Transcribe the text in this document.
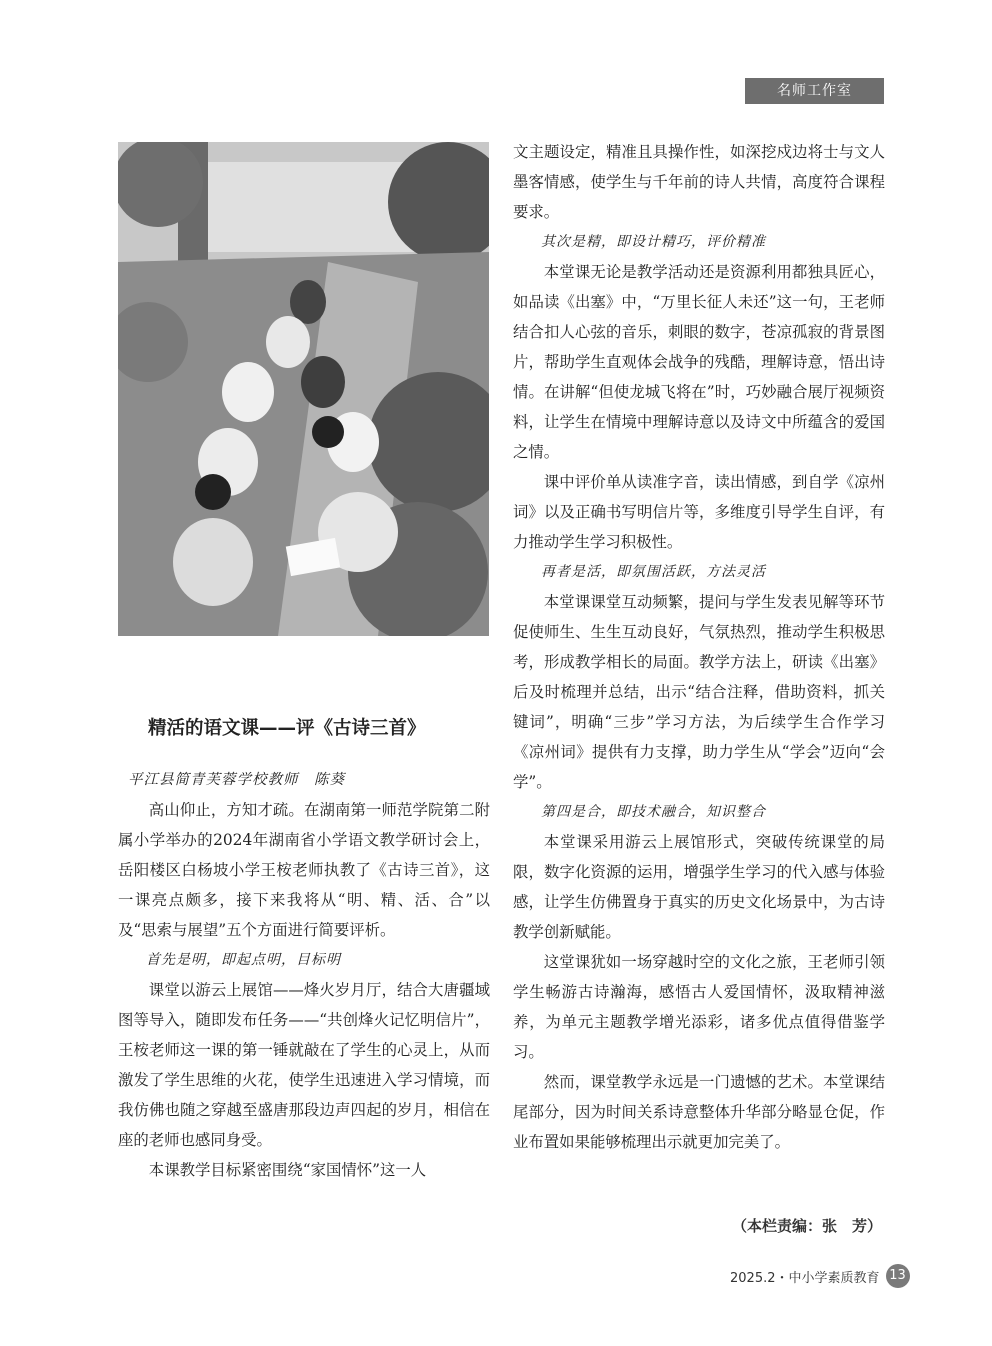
名师工作室
精活的语文课——评《古诗三首》

平江县简青芙蓉学校教师　陈葵

高山仰止，方知才疏。在湖南第一师范学院第二附属小学举办的2024年湖南省小学语文教学研讨会上，岳阳楼区白杨坡小学王桉老师执教了《古诗三首》，这一课亮点颇多，接下来我将从“明、精、活、合”以及“思索与展望”五个方面进行简要评析。

首先是明，即起点明，目标明

课堂以游云上展馆——烽火岁月厅，结合大唐疆域图等导入，随即发布任务——“共创烽火记忆明信片”，王桉老师这一课的第一锤就敲在了学生的心灵上，从而激发了学生思维的火花，使学生迅速进入学习情境，而我仿佛也随之穿越至盛唐那段边声四起的岁月，相信在座的老师也感同身受。

本课教学目标紧密围绕“家国情怀”这一人

文主题设定，精准且具操作性，如深挖戍边将士与文人墨客情感，使学生与千年前的诗人共情，高度符合课程要求。

其次是精，即设计精巧，评价精准

本堂课无论是教学活动还是资源利用都独具匠心，如品读《出塞》中，“万里长征人未还”这一句，王老师结合扣人心弦的音乐，刺眼的数字，苍凉孤寂的背景图片，帮助学生直观体会战争的残酷，理解诗意，悟出诗情。在讲解“但使龙城飞将在”时，巧妙融合展厅视频资料，让学生在情境中理解诗意以及诗文中所蕴含的爱国之情。

课中评价单从读准字音，读出情感，到自学《凉州词》以及正确书写明信片等，多维度引导学生自评，有力推动学生学习积极性。

再者是活，即氛围活跃，方法灵活

本堂课课堂互动频繁，提问与学生发表见解等环节促使师生、生生互动良好，气氛热烈，推动学生积极思考，形成教学相长的局面。教学方法上，研读《出塞》后及时梳理并总结，出示“结合注释，借助资料，抓关键词”，明确“三步”学习方法，为后续学生合作学习《凉州词》提供有力支撑，助力学生从“学会”迈向“会学”。

第四是合，即技术融合，知识整合

本堂课采用游云上展馆形式，突破传统课堂的局限，数字化资源的运用，增强学生学习的代入感与体验感，让学生仿佛置身于真实的历史文化场景中，为古诗教学创新赋能。

这堂课犹如一场穿越时空的文化之旅，王老师引领学生畅游古诗瀚海，感悟古人爱国情怀，汲取精神滋养，为单元主题教学增光添彩，诸多优点值得借鉴学习。

然而，课堂教学永远是一门遗憾的艺术。本堂课结尾部分，因为时间关系诗意整体升华部分略显仓促，作业布置如果能够梳理出示就更加完美了。

（本栏责编：张　芳）
2025.2・中小学素质教育 13
